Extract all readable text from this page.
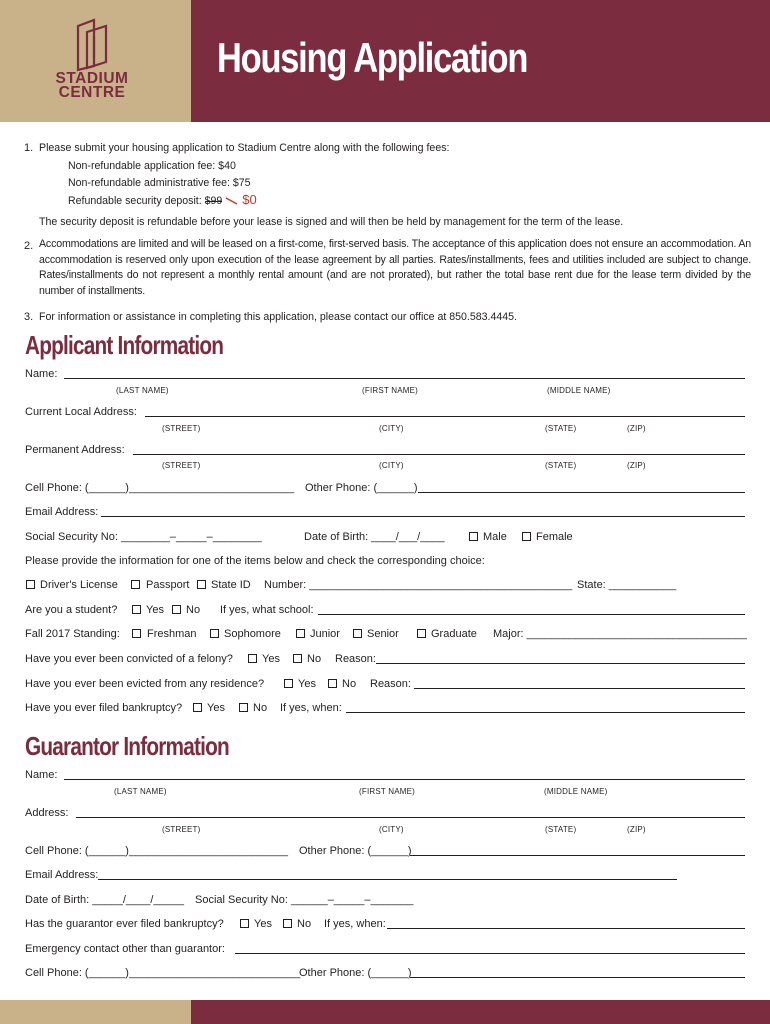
STADIUM
CENTRE
Housing Application
1. Please submit your housing application to Stadium Centre along with the following fees:
Non-refundable application fee: $40
Non-refundable administrative fee: $75
Refundable security deposit: $99 $0
The security deposit is refundable before your lease is signed and will then be held by management for the term of the lease.
2. Accommodations are limited and will be leased on a first-come, first-served basis. The acceptance of this application does not ensure an accommodation. An accommodation is reserved only upon execution of the lease agreement by all parties. Rates/installments, fees and utilities included are subject to change. Rates/installments do not represent a monthly rental amount (and are not prorated), but rather the total base rent due for the lease term divided by the number of installments.
3. For information or assistance in completing this application, please contact our office at 850.583.4445.
Applicant Information
Name:
(LAST NAME)	(FIRST NAME)	(MIDDLE NAME)
Current Local Address:
(STREET)	(CITY)	(STATE)	(ZIP)
Permanent Address:
(STREET)	(CITY)	(STATE)	(ZIP)
Cell Phone: (______)___________________________ Other Phone: (______)
Email Address:
Social Security No: ________–_____–________	Date of Birth: ____/___/____	Male	Female
Please provide the information for one of the items below and check the corresponding choice:
Driver's License	Passport State ID Number: ___________________________________________ State: ___________
Are you a student?	Yes No If yes, what school:
Fall 2017 Standing: Freshman Sophomore	Junior Senior	Graduate Major: ____________________________________
Have you ever been convicted of a felony?	Yes No Reason:
Have you ever been evicted from any residence?	Yes No Reason:
Have you ever filed bankruptcy? Yes	No If yes, when:
Guarantor Information
Name:
(LAST NAME)	(FIRST NAME)	(MIDDLE NAME)
Address:
(STREET)	(CITY)	(STATE)	(ZIP)
Cell Phone: (______)__________________________ Other Phone: (______)
Email Address:
Date of Birth: _____/____/_____ Social Security No: ______–_____–_______
Has the guarantor ever filed bankruptcy?	Yes No If yes, when:
Emergency contact other than guarantor:
Cell Phone: (______)____________________________
Other Phone: (______)
